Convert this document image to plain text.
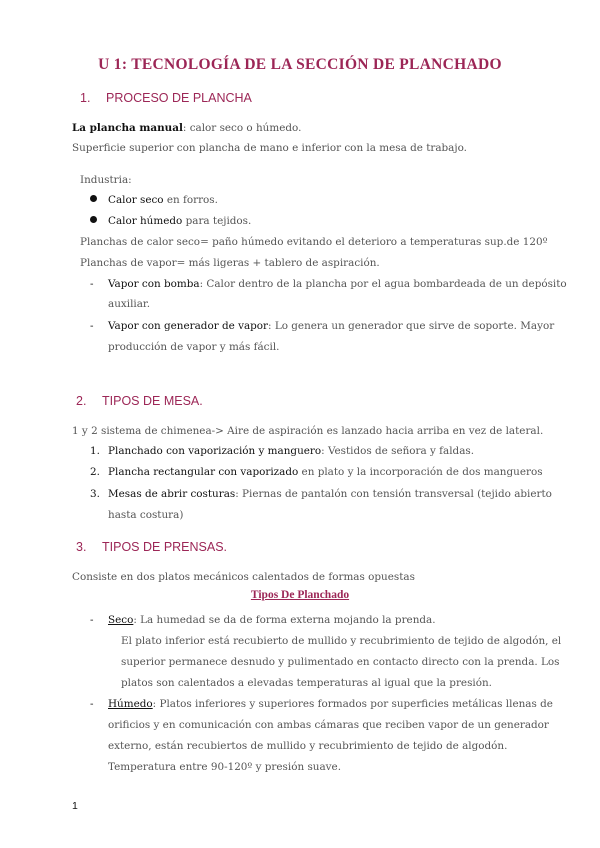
U 1: TECNOLOGÍA DE LA SECCIÓN DE PLANCHADO
1. PROCESO DE PLANCHA
La plancha manual: calor seco o húmedo.
Superficie superior con plancha de mano e inferior con la mesa de trabajo.
Industria:
Calor seco en forros.
Calor húmedo para tejidos.
Planchas de calor seco= paño húmedo evitando el deterioro a temperaturas sup.de 120º
Planchas de vapor= más ligeras + tablero de aspiración.
- Vapor con bomba: Calor dentro de la plancha por el agua bombardeada de un depósito
auxiliar.
- Vapor con generador de vapor: Lo genera un generador que sirve de soporte. Mayor
producción de vapor y más fácil.
2. TIPOS DE MESA.
1 y 2 sistema de chimenea-> Aire de aspiración es lanzado hacia arriba en vez de lateral.
1. Planchado con vaporización y manguero: Vestidos de señora y faldas.
2. Plancha rectangular con vaporizado en plato y la incorporación de dos mangueros
3. Mesas de abrir costuras: Piernas de pantalón con tensión transversal (tejido abierto
hasta costura)
3. TIPOS DE PRENSAS.
Consiste en dos platos mecánicos calentados de formas opuestas
Tipos De Planchado
- Seco: La humedad se da de forma externa mojando la prenda.
El plato inferior está recubierto de mullido y recubrimiento de tejido de algodón, el
superior permanece desnudo y pulimentado en contacto directo con la prenda. Los
platos son calentados a elevadas temperaturas al igual que la presión.
- Húmedo: Platos inferiores y superiores formados por superficies metálicas llenas de
orificios y en comunicación con ambas cámaras que reciben vapor de un generador
externo, están recubiertos de mullido y recubrimiento de tejido de algodón.
Temperatura entre 90-120º y presión suave.
1
